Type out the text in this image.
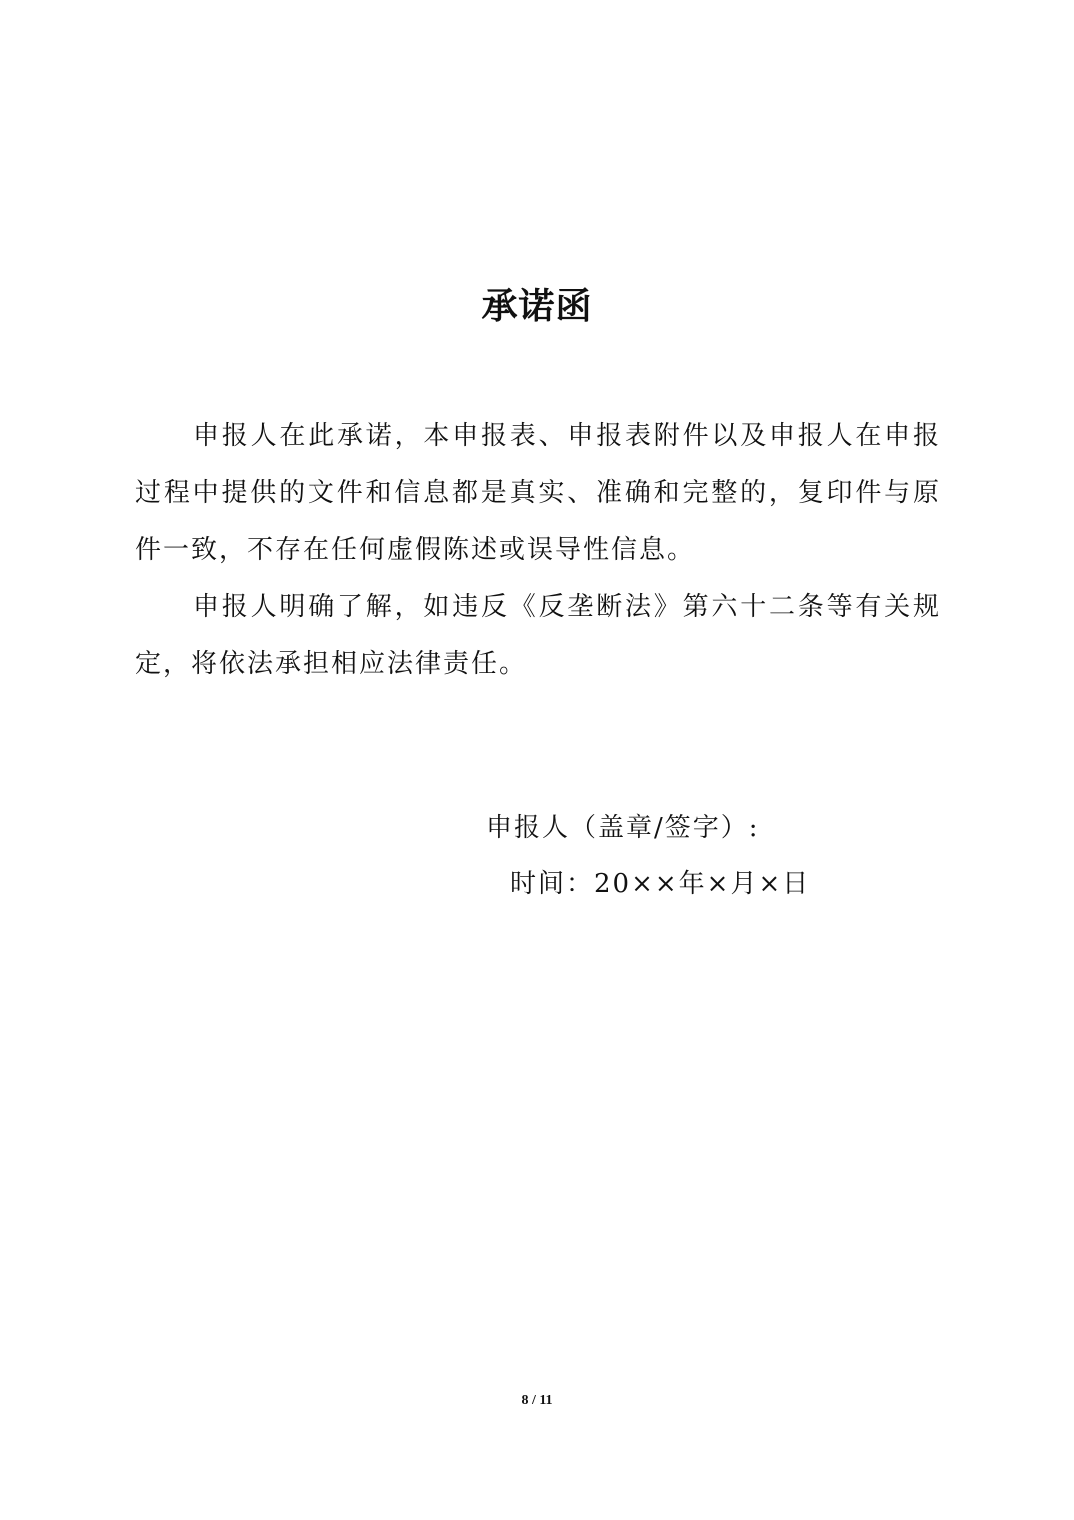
承诺函

申报人在此承诺，本申报表、申报表附件以及申报人在申报过程中提供的文件和信息都是真实、准确和完整的，复印件与原件一致，不存在任何虚假陈述或误导性信息。

申报人明确了解，如违反《反垄断法》第六十二条等有关规定，将依法承担相应法律责任。

申报人（盖章/签字）:
时间：20××年×月×日
8 / 11
